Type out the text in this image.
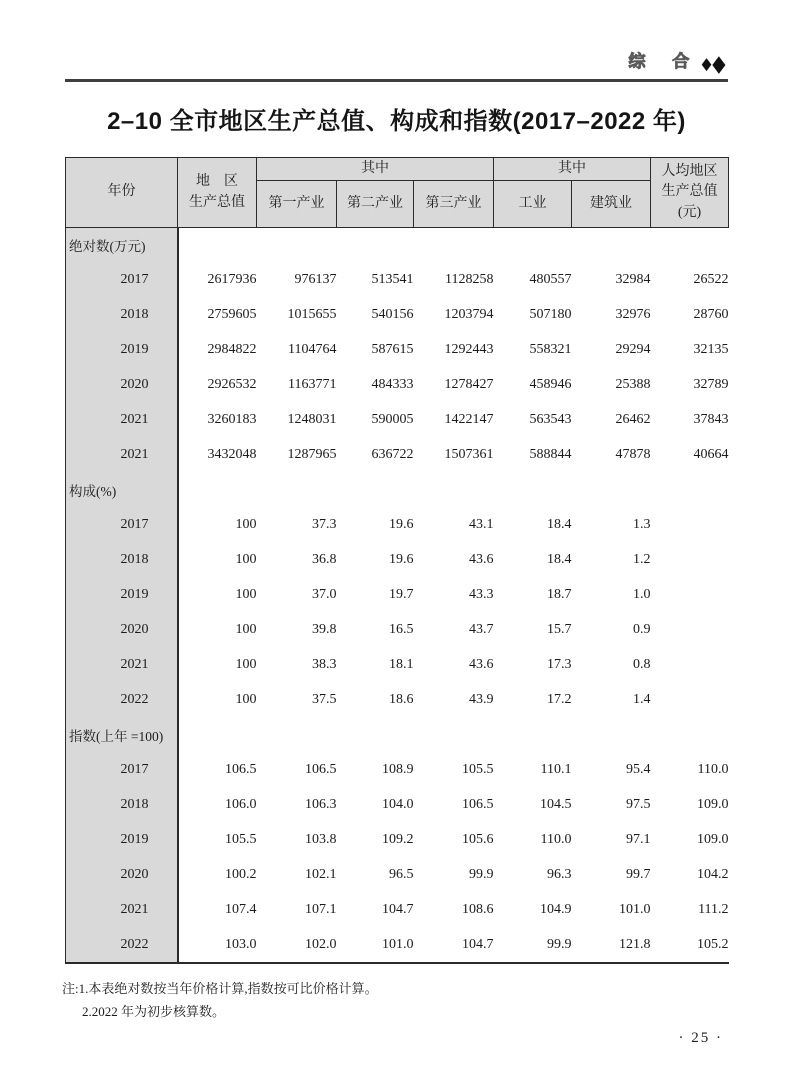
综 合 ◆◆
2–10 全市地区生产总值、构成和指数(2017–2022 年)
年份	地　区
生产总值	其中			其中		人均地区
生产总值(元)
		第一产业	第二产业	第三产业	工业	建筑业	
绝对数(万元)							
2017	2617936	976137	513541	1128258	480557	32984	26522
2018	2759605	1015655	540156	1203794	507180	32976	28760
2019	2984822	1104764	587615	1292443	558321	29294	32135
2020	2926532	1163771	484333	1278427	458946	25388	32789
2021	3260183	1248031	590005	1422147	563543	26462	37843
2021	3432048	1287965	636722	1507361	588844	47878	40664
构成(%)							
2017	100	37.3	19.6	43.1	18.4	1.3	
2018	100	36.8	19.6	43.6	18.4	1.2	
2019	100	37.0	19.7	43.3	18.7	1.0	
2020	100	39.8	16.5	43.7	15.7	0.9	
2021	100	38.3	18.1	43.6	17.3	0.8	
2022	100	37.5	18.6	43.9	17.2	1.4	
指数(上年 =100)							
2017	106.5	106.5	108.9	105.5	110.1	95.4	110.0
2018	106.0	106.3	104.0	106.5	104.5	97.5	109.0
2019	105.5	103.8	109.2	105.6	110.0	97.1	109.0
2020	100.2	102.1	96.5	99.9	96.3	99.7	104.2
2021	107.4	107.1	104.7	108.6	104.9	101.0	111.2
2022	103.0	102.0	101.0	104.7	99.9	121.8	105.2
注:1.本表绝对数按当年价格计算,指数按可比价格计算。
2.2022 年为初步核算数。
· 25 ·
